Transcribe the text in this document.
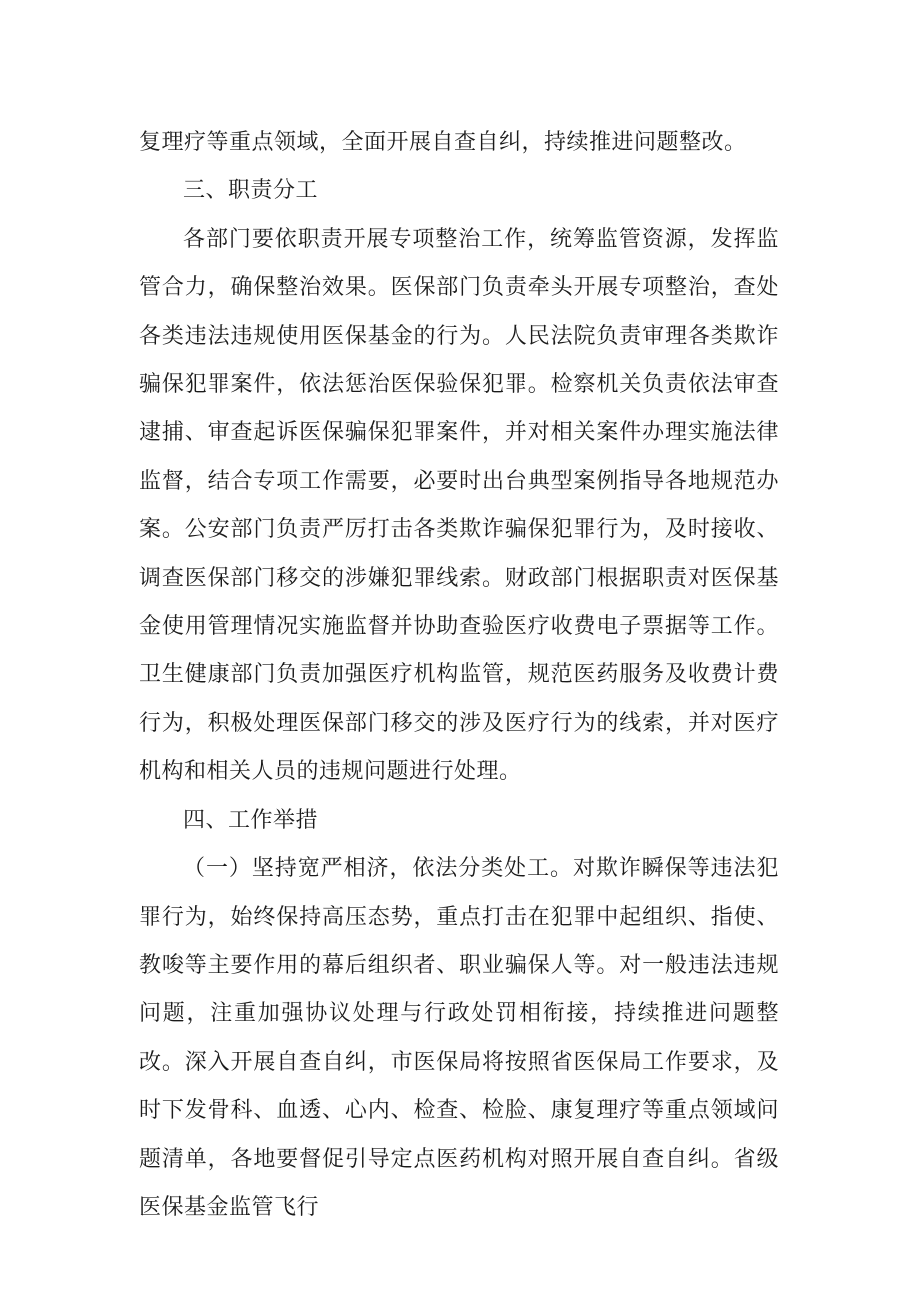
复理疗等重点领域，全面开展自查自纠，持续推进问题整改。

三、职责分工

各部门要依职责开展专项整治工作，统筹监管资源，发挥监管合力，确保整治效果。医保部门负责牵头开展专项整治，查处各类违法违规使用医保基金的行为。人民法院负责审理各类欺诈骗保犯罪案件，依法惩治医保验保犯罪。检察机关负责依法审查逮捕、审查起诉医保骗保犯罪案件，并对相关案件办理实施法律监督，结合专项工作需要，必要时出台典型案例指导各地规范办案。公安部门负责严厉打击各类欺诈骗保犯罪行为，及时接收、调查医保部门移交的涉嫌犯罪线索。财政部门根据职责对医保基金使用管理情况实施监督并协助查验医疗收费电子票据等工作。卫生健康部门负责加强医疗机构监管，规范医药服务及收费计费行为，积极处理医保部门移交的涉及医疗行为的线索，并对医疗机构和相关人员的违规问题进行处理。

四、工作举措

（一）坚持宽严相济，依法分类处工。对欺诈瞬保等违法犯罪行为，始终保持高压态势，重点打击在犯罪中起组织、指使、教唆等主要作用的幕后组织者、职业骗保人等。对一般违法违规问题，注重加强协议处理与行政处罚相衔接，持续推进问题整改。深入开展自查自纠，市医保局将按照省医保局工作要求，及时下发骨科、血透、心内、检查、检脸、康复理疗等重点领域问题清单，各地要督促引导定点医药机构对照开展自查自纠。省级医保基金监管飞行
